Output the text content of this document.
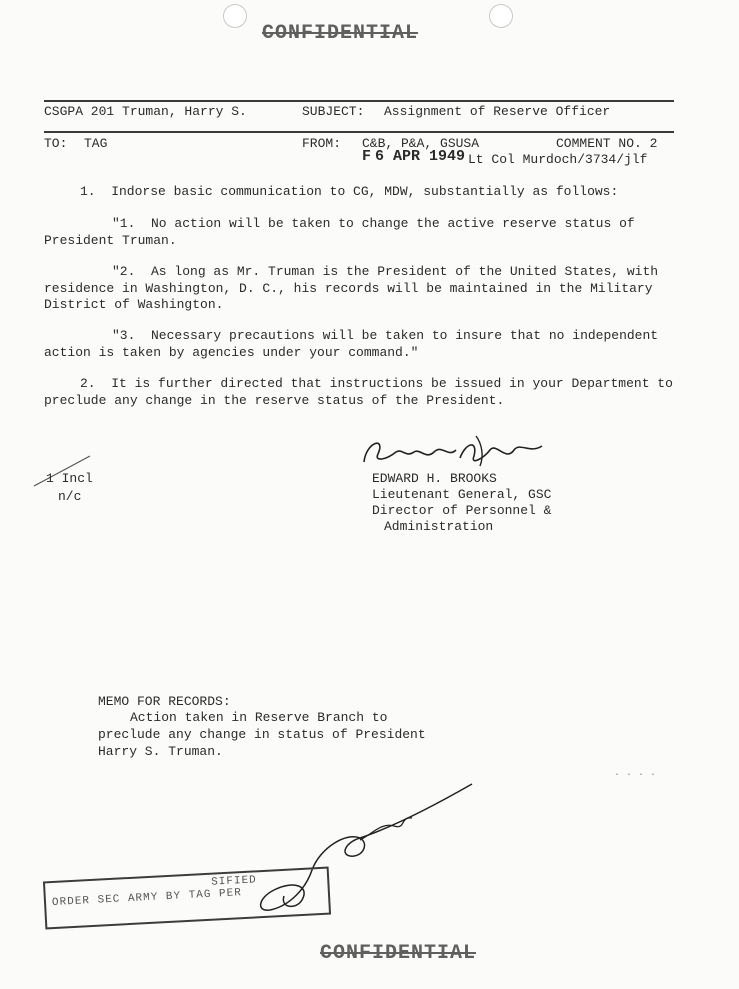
CONFIDENTIAL
CSGPA 201 Truman, Harry S.	SUBJECT: Assignment of Reserve Officer
TO: TAG	FROM: C&B, P&A, GSUSA	COMMENT NO. 2
F 6 APR 1949 Lt Col Murdoch/3734/jlf
1.  Indorse basic communication to CG, MDW, substantially as follows:
"1.  No action will be taken to change the active reserve status of
President Truman.
"2.  As long as Mr. Truman is the President of the United States, with
residence in Washington, D. C., his records will be maintained in the Military
District of Washington.
"3.  Necessary precautions will be taken to insure that no independent
action is taken by agencies under your command."
2.  It is further directed that instructions be issued in your Department to
preclude any change in the reserve status of the President.
EDWARD H. BROOKS
Lieutenant General, GSC
Director of Personnel &
Administration
1 Incl
n/c
MEMO FOR RECORDS:
Action taken in Reserve Branch to
preclude any change in status of President
Harry S. Truman.
SIFIED
ORDER SEC ARMY BY TAG PER
CONFIDENTIAL
. . . .
